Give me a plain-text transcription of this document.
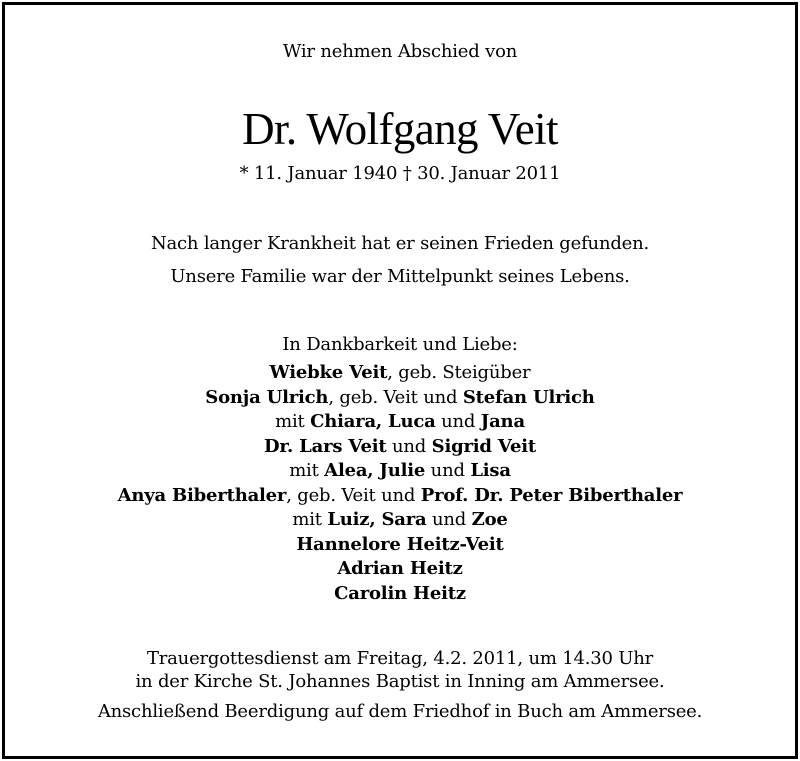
Wir nehmen Abschied von
Dr. Wolfgang Veit
* 11. Januar 1940 † 30. Januar 2011
Nach langer Krankheit hat er seinen Frieden gefunden.
Unsere Familie war der Mittelpunkt seines Lebens.
In Dankbarkeit und Liebe:
Wiebke Veit, geb. Steigüber
Sonja Ulrich, geb. Veit und Stefan Ulrich
mit Chiara, Luca und Jana
Dr. Lars Veit und Sigrid Veit
mit Alea, Julie und Lisa
Anya Biberthaler, geb. Veit und Prof. Dr. Peter Biberthaler
mit Luiz, Sara und Zoe
Hannelore Heitz-Veit
Adrian Heitz
Carolin Heitz
Trauergottesdienst am Freitag, 4.2. 2011, um 14.30 Uhr
in der Kirche St. Johannes Baptist in Inning am Ammersee.
Anschließend Beerdigung auf dem Friedhof in Buch am Ammersee.
